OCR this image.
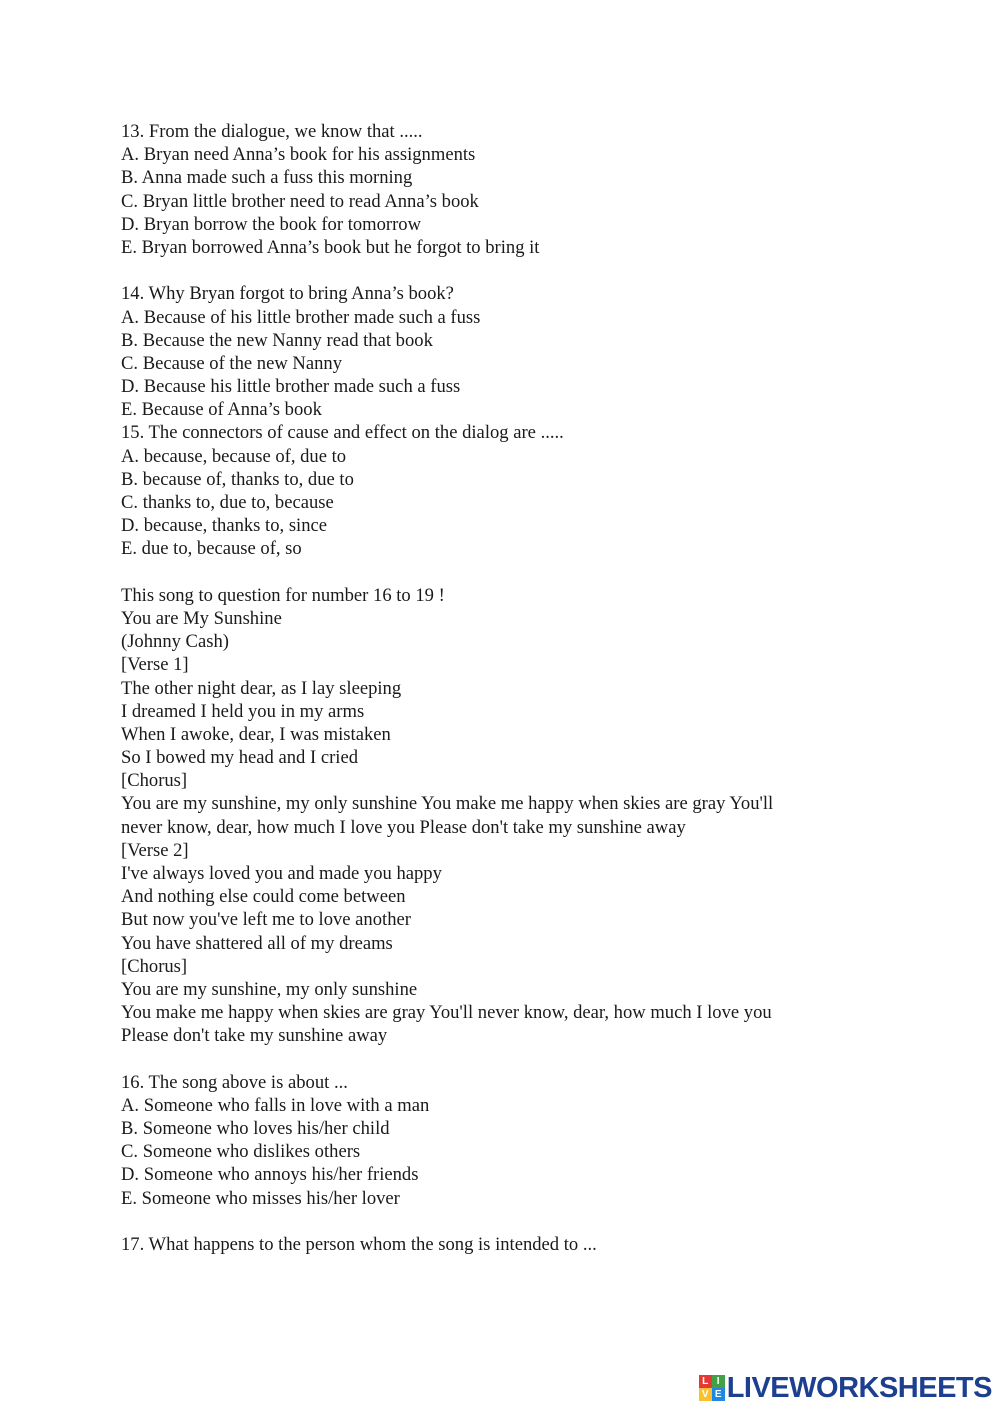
13. From the dialogue, we know that .....
A. Bryan need Anna’s book for his assignments
B. Anna made such a fuss this morning
C. Bryan little brother need to read Anna’s book
D. Bryan borrow the book for tomorrow
E. Bryan borrowed Anna’s book but he forgot to bring it
14. Why Bryan forgot to bring Anna’s book?
A. Because of his little brother made such a fuss
B. Because the new Nanny read that book
C. Because of the new Nanny
D. Because his little brother made such a fuss
E. Because of Anna’s book
15. The connectors of cause and effect on the dialog are .....
A. because, because of, due to
B. because of, thanks to, due to
C. thanks to, due to, because
D. because, thanks to, since
E. due to, because of, so
This song to question for number 16 to 19 !
You are My Sunshine
(Johnny Cash)
[Verse 1]
The other night dear, as I lay sleeping
I dreamed I held you in my arms
When I awoke, dear, I was mistaken
So I bowed my head and I cried
[Chorus]
You are my sunshine, my only sunshine You make me happy when skies are gray You'll
never know, dear, how much I love you Please don't take my sunshine away
[Verse 2]
I've always loved you and made you happy
And nothing else could come between
But now you've left me to love another
You have shattered all of my dreams
[Chorus]
You are my sunshine, my only sunshine
You make me happy when skies are gray You'll never know, dear, how much I love you
Please don't take my sunshine away
16. The song above is about ...
A. Someone who falls in love with a man
B. Someone who loves his/her child
C. Someone who dislikes others
D. Someone who annoys his/her friends
E. Someone who misses his/her lover
17. What happens to the person whom the song is intended to ...
L I
V E LIVEWORKSHEETS
